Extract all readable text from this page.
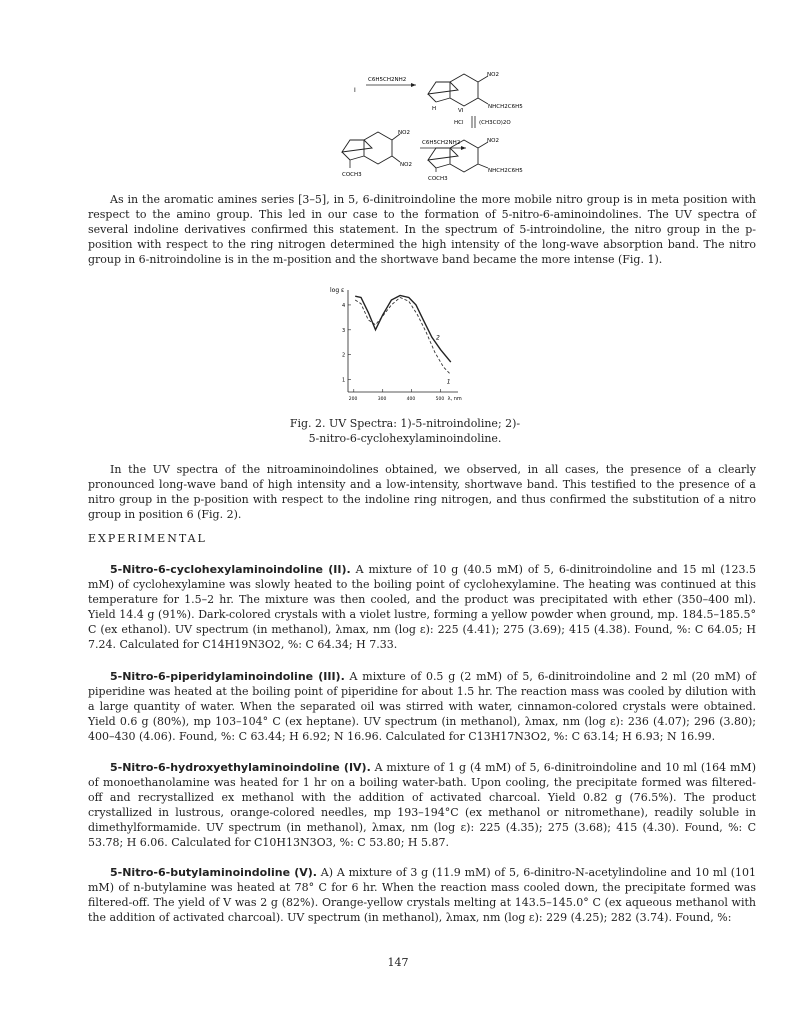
I
C6H5CH2NH2
NO2
NHCH2C6H5
H	VI
HCl	(CH3CO)2O
NO2
NO2
COCH3
C6H5CH2NH2	NO2
NHCH2C6H5
COCH3

As in the aromatic amines series [3–5], in 5, 6-dinitroindoline the more mobile nitro group is in meta position with respect to the amino group. This led in our case to the formation of 5-nitro-6-aminoindolines. The UV spectra of several indoline derivatives confirmed this statement. In the spectrum of 5-introindoline, the nitro group in the p-position with respect to the ring nitrogen determined the high intensity of the long-wave absorption band. The nitro group in 6-nitroindoline is in the m-position and the shortwave band became the more intense (Fig. 1).

log ε
1
2
3
4
200	300	400	500 λ, nm
1
2

Fig. 2. UV Spectra: 1)-5-nitroindoline; 2)-
5-nitro-6-cyclohexylaminoindoline.

In the UV spectra of the nitroaminoindolines obtained, we observed, in all cases, the presence of a clearly pronounced long-wave band of high intensity and a low-intensity, shortwave band. This testified to the presence of a nitro group in the p-position with respect to the indoline ring nitrogen, and thus confirmed the substitution of a nitro group in position 6 (Fig. 2).

EXPERIMENTAL

5-Nitro-6-cyclohexylaminoindoline (II). A mixture of 10 g (40.5 mM) of 5, 6-dinitroindoline and 15 ml (123.5 mM) of cyclohexylamine was slowly heated to the boiling point of cyclohexylamine. The heating was continued at this temperature for 1.5–2 hr. The mixture was then cooled, and the product was precipitated with ether (350–400 ml). Yield 14.4 g (91%). Dark-colored crystals with a violet lustre, forming a yellow powder when ground, mp. 184.5–185.5° C (ex ethanol). UV spectrum (in methanol), λmax, nm (log ε): 225 (4.41); 275 (3.69); 415 (4.38). Found, %: C 64.05; H 7.24. Calculated for C14H19N3O2, %: C 64.34; H 7.33.

5-Nitro-6-piperidylaminoindoline (III). A mixture of 0.5 g (2 mM) of 5, 6-dinitroindoline and 2 ml (20 mM) of piperidine was heated at the boiling point of piperidine for about 1.5 hr. The reaction mass was cooled by dilution with a large quantity of water. When the separated oil was stirred with water, cinnamon-colored crystals were obtained. Yield 0.6 g (80%), mp 103–104° C (ex heptane). UV spectrum (in methanol), λmax, nm (log ε): 236 (4.07); 296 (3.80); 400–430 (4.06). Found, %: C 63.44; H 6.92; N 16.96. Calculated for C13H17N3O2, %: C 63.14; H 6.93; N 16.99.

5-Nitro-6-hydroxyethylaminoindoline (IV). A mixture of 1 g (4 mM) of 5, 6-dinitroindoline and 10 ml (164 mM) of monoethanolamine was heated for 1 hr on a boiling water-bath. Upon cooling, the precipitate formed was filtered-off and recrystallized ex methanol with the addition of activated charcoal. Yield 0.82 g (76.5%). The product crystallized in lustrous, orange-colored needles, mp 193–194°C (ex methanol or nitromethane), readily soluble in dimethylformamide. UV spectrum (in methanol), λmax, nm (log ε): 225 (4.35); 275 (3.68); 415 (4.30). Found, %: C 53.78; H 6.06. Calculated for C10H13N3O3, %: C 53.80; H 5.87.

5-Nitro-6-butylaminoindoline (V). A) A mixture of 3 g (11.9 mM) of 5, 6-dinitro-N-acetylindoline and 10 ml (101 mM) of n-butylamine was heated at 78° C for 6 hr. When the reaction mass cooled down, the precipitate formed was filtered-off. The yield of V was 2 g (82%). Orange-yellow crystals melting at 143.5–145.0° C (ex aqueous methanol with the addition of activated charcoal). UV spectrum (in methanol), λmax, nm (log ε): 229 (4.25); 282 (3.74). Found, %:

147
